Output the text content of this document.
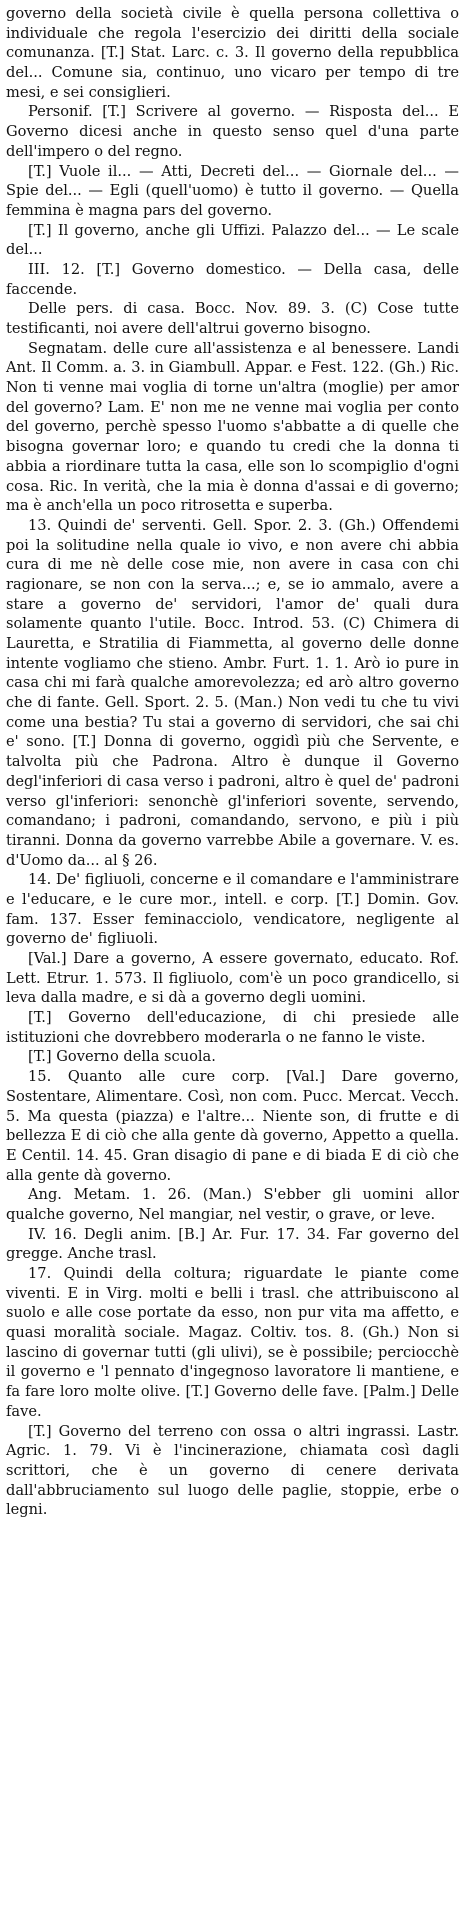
governo della società civile è quella persona collettiva o individuale che regola l'esercizio dei diritti della sociale comunanza. [T.] Stat. Larc. c. 3. Il governo della repubblica del... Comune sia, continuo, uno vicaro per tempo di tre mesi, e sei consiglieri.

Personif. [T.] Scrivere al governo. — Risposta del... E Governo dicesi anche in questo senso quel d'una parte dell'impero o del regno.

[T.] Vuole il... — Atti, Decreti del... — Giornale del... — Spie del... — Egli (quell'uomo) è tutto il governo. — Quella femmina è magna pars del governo.

[T.] Il governo, anche gli Uffizi. Palazzo del... — Le scale del...

III. 12. [T.] Governo domestico. — Della casa, delle faccende.

Delle pers. di casa. Bocc. Nov. 89. 3. (C) Cose tutte testificanti, noi avere dell'altrui governo bisogno.

Segnatam. delle cure all'assistenza e al benessere. Landi Ant. Il Comm. a. 3. in Giambull. Appar. e Fest. 122. (Gh.) Ric. Non ti venne mai voglia di torne un'altra (moglie) per amor del governo? Lam. E' non me ne venne mai voglia per conto del governo, perchè spesso l'uomo s'abbatte a di quelle che bisogna governar loro; e quando tu credi che la donna ti abbia a riordinare tutta la casa, elle son lo scompiglio d'ogni cosa. Ric. In verità, che la mia è donna d'assai e di governo; ma è anch'ella un poco ritrosetta e superba.

13. Quindi de' serventi. Gell. Spor. 2. 3. (Gh.) Offendemi poi la solitudine nella quale io vivo, e non avere chi abbia cura di me nè delle cose mie, non avere in casa con chi ragionare, se non con la serva...; e, se io ammalo, avere a stare a governo de' servidori, l'amor de' quali dura solamente quanto l'utile. Bocc. Introd. 53. (C) Chimera di Lauretta, e Stratilia di Fiammetta, al governo delle donne intente vogliamo che stieno. Ambr. Furt. 1. 1. Arò io pure in casa chi mi farà qualche amorevolezza; ed arò altro governo che di fante. Gell. Sport. 2. 5. (Man.) Non vedi tu che tu vivi come una bestia? Tu stai a governo di servidori, che sai chi e' sono. [T.] Donna di governo, oggidì più che Servente, e talvolta più che Padrona. Altro è dunque il Governo degl'inferiori di casa verso i padroni, altro è quel de' padroni verso gl'inferiori: senonchè gl'inferiori sovente, servendo, comandano; i padroni, comandando, servono, e più i più tiranni. Donna da governo varrebbe Abile a governare. V. es. d'Uomo da... al § 26.

14. De' figliuoli, concerne e il comandare e l'amministrare e l'educare, e le cure mor., intell. e corp. [T.] Domin. Gov. fam. 137. Esser feminacciolo, vendicatore, negligente al governo de' figliuoli.

[Val.] Dare a governo, A essere governato, educato. Rof. Lett. Etrur. 1. 573. Il figliuolo, com'è un poco grandicello, si leva dalla madre, e si dà a governo degli uomini.

[T.] Governo dell'educazione, di chi presiede alle istituzioni che dovrebbero moderarla o ne fanno le viste.

[T.] Governo della scuola.

15. Quanto alle cure corp. [Val.] Dare governo, Sostentare, Alimentare. Così, non com. Pucc. Mercat. Vecch. 5. Ma questa (piazza) e l'altre... Niente son, di frutte e di bellezza E di ciò che alla gente dà governo, Appetto a quella. E Centil. 14. 45. Gran disagio di pane e di biada E di ciò che alla gente dà governo.

Ang. Metam. 1. 26. (Man.) S'ebber gli uomini allor qualche governo, Nel mangiar, nel vestir, o grave, or leve.

IV. 16. Degli anim. [B.] Ar. Fur. 17. 34. Far governo del gregge. Anche trasl.

17. Quindi della coltura; riguardate le piante come viventi. E in Virg. molti e belli i trasl. che attribuiscono al suolo e alle cose portate da esso, non pur vita ma affetto, e quasi moralità sociale. Magaz. Coltiv. tos. 8. (Gh.) Non si lascino di governar tutti (gli ulivi), se è possibile; perciocchè il governo e 'l pennato d'ingegnoso lavoratore li mantiene, e fa fare loro molte olive. [T.] Governo delle fave. [Palm.] Delle fave.

[T.] Governo del terreno con ossa o altri ingrassi. Lastr. Agric. 1. 79. Vi è l'incinerazione, chiamata così dagli scrittori, che è un governo di cenere derivata dall'abbruciamento sul luogo delle paglie, stoppie, erbe o legni.
